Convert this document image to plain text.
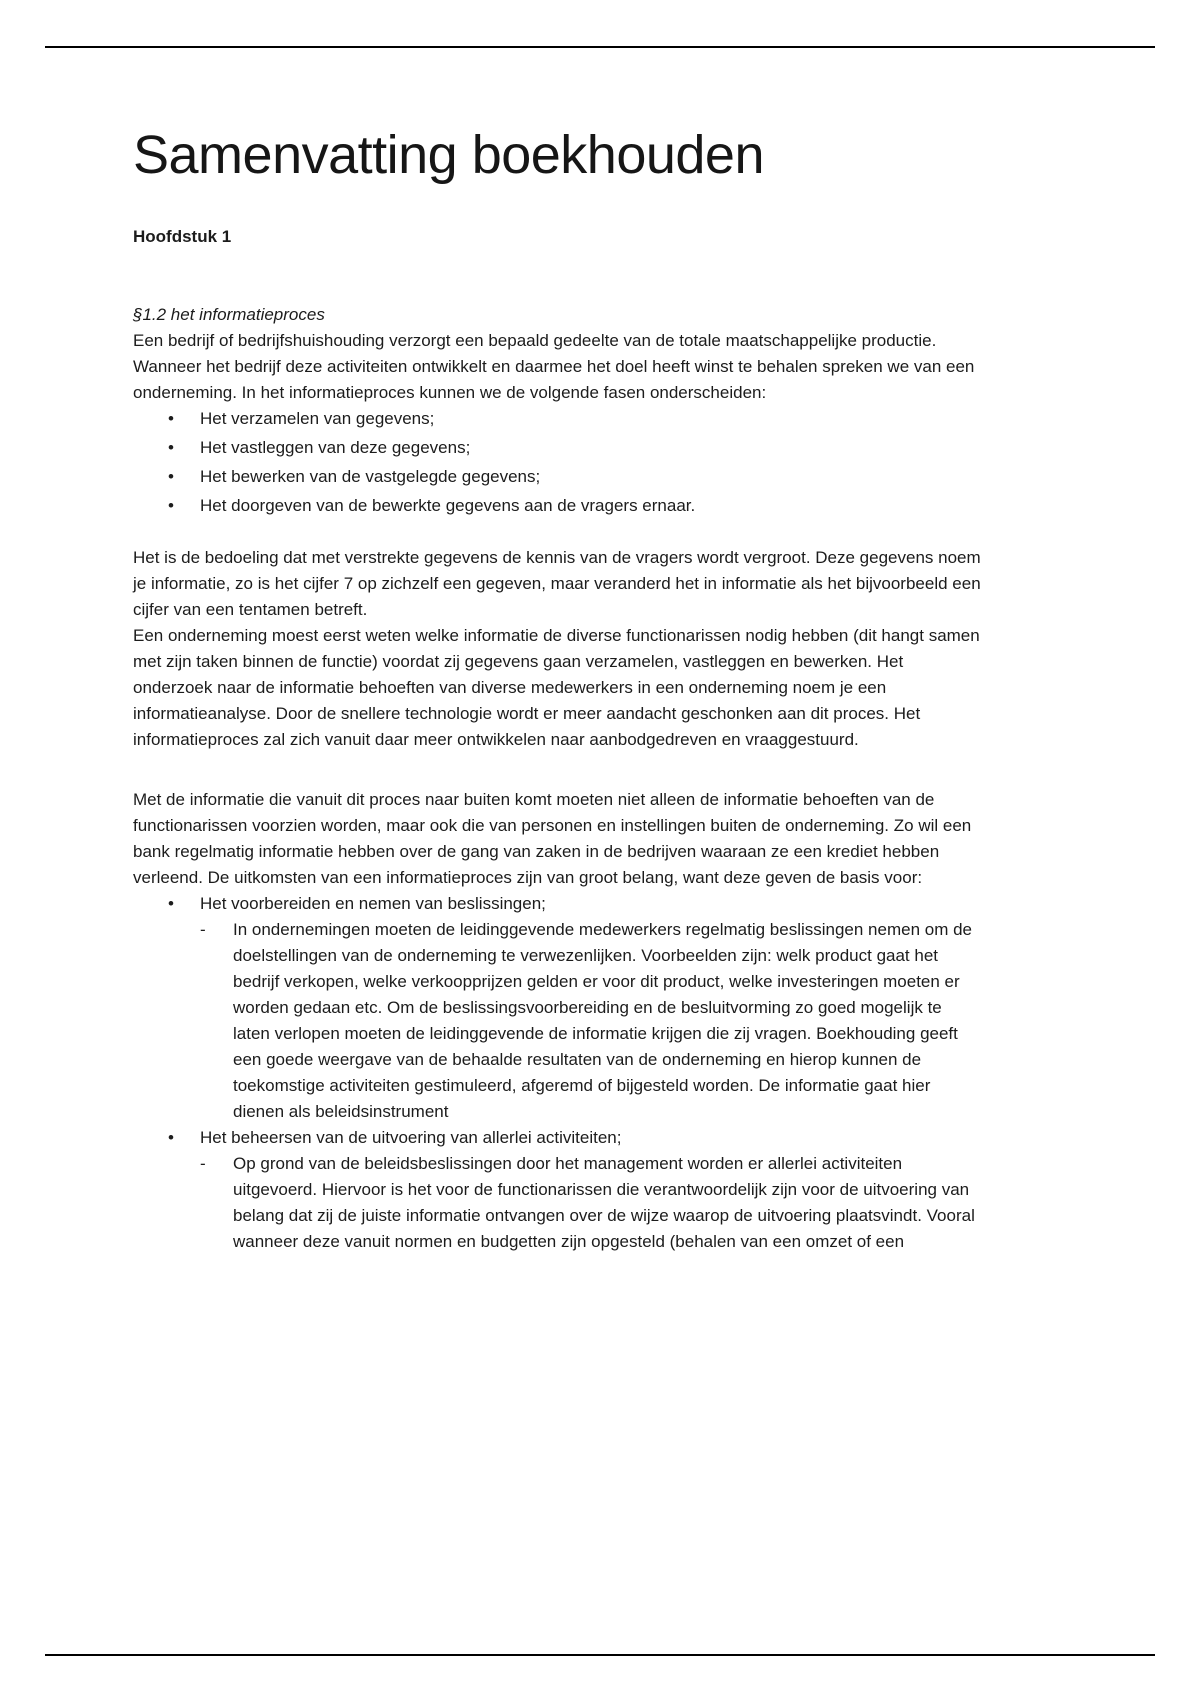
Samenvatting boekhouden

Hoofdstuk 1

§1.2 het informatieproces

Een bedrijf of bedrijfshuishouding verzorgt een bepaald gedeelte van de totale maatschappelijke productie. Wanneer het bedrijf deze activiteiten ontwikkelt en daarmee het doel heeft winst te behalen spreken we van een onderneming. In het informatieproces kunnen we de volgende fasen onderscheiden:

•	Het verzamelen van gegevens;
•	Het vastleggen van deze gegevens;
•	Het bewerken van de vastgelegde gegevens;
•	Het doorgeven van de bewerkte gegevens aan de vragers ernaar.

Het is de bedoeling dat met verstrekte gegevens de kennis van de vragers wordt vergroot. Deze gegevens noem je informatie, zo is het cijfer 7 op zichzelf een gegeven, maar veranderd het in informatie als het bijvoorbeeld een cijfer van een tentamen betreft.

Een onderneming moest eerst weten welke informatie de diverse functionarissen nodig hebben (dit hangt samen met zijn taken binnen de functie) voordat zij gegevens gaan verzamelen, vastleggen en bewerken. Het onderzoek naar de informatie behoeften van diverse medewerkers in een onderneming noem je een informatieanalyse. Door de snellere technologie wordt er meer aandacht geschonken aan dit proces. Het informatieproces zal zich vanuit daar meer ontwikkelen naar aanbodgedreven en vraaggestuurd.

Met de informatie die vanuit dit proces naar buiten komt moeten niet alleen de informatie behoeften van de functionarissen voorzien worden, maar ook die van personen en instellingen buiten de onderneming. Zo wil een bank regelmatig informatie hebben over de gang van zaken in de bedrijven waaraan ze een krediet hebben verleend. De uitkomsten van een informatieproces zijn van groot belang, want deze geven de basis voor:

•	Het voorbereiden en nemen van beslissingen;
-	In ondernemingen moeten de leidinggevende medewerkers regelmatig beslissingen nemen om de doelstellingen van de onderneming te verwezenlijken. Voorbeelden zijn: welk product gaat het bedrijf verkopen, welke verkoopprijzen gelden er voor dit product, welke investeringen moeten er worden gedaan etc. Om de beslissingsvoorbereiding en de besluitvorming zo goed mogelijk te laten verlopen moeten de leidinggevende de informatie krijgen die zij vragen. Boekhouding geeft een goede weergave van de behaalde resultaten van de onderneming en hierop kunnen de toekomstige activiteiten gestimuleerd, afgeremd of bijgesteld worden. De informatie gaat hier dienen als beleidsinstrument
•	Het beheersen van de uitvoering van allerlei activiteiten;
-	Op grond van de beleidsbeslissingen door het management worden er allerlei activiteiten uitgevoerd. Hiervoor is het voor de functionarissen die verantwoordelijk zijn voor de uitvoering van belang dat zij de juiste informatie ontvangen over de wijze waarop de uitvoering plaatsvindt. Vooral wanneer deze vanuit normen en budgetten zijn opgesteld (behalen van een omzet of een
